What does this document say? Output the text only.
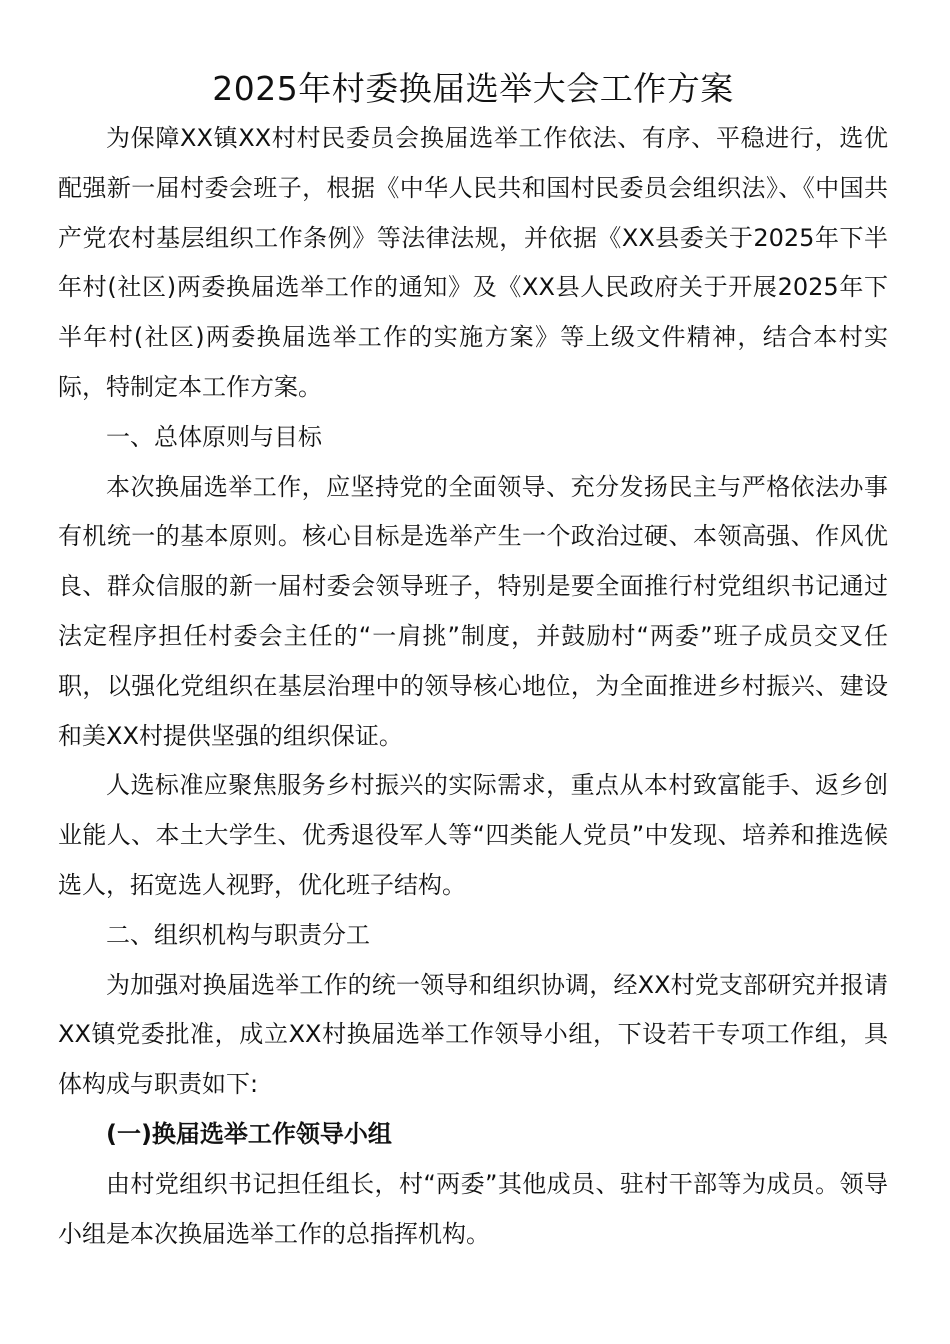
2025年村委换届选举大会工作方案

为保障XX镇XX村村民委员会换届选举工作依法、有序、平稳进行，选优配强新一届村委会班子，根据《中华人民共和国村民委员会组织法》、《中国共产党农村基层组织工作条例》等法律法规，并依据《XX县委关于2025年下半年村(社区)两委换届选举工作的通知》及《XX县人民政府关于开展2025年下半年村(社区)两委换届选举工作的实施方案》等上级文件精神，结合本村实际，特制定本工作方案。

一、总体原则与目标

本次换届选举工作，应坚持党的全面领导、充分发扬民主与严格依法办事有机统一的基本原则。核心目标是选举产生一个政治过硬、本领高强、作风优良、群众信服的新一届村委会领导班子，特别是要全面推行村党组织书记通过法定程序担任村委会主任的“一肩挑”制度，并鼓励村“两委”班子成员交叉任职，以强化党组织在基层治理中的领导核心地位，为全面推进乡村振兴、建设和美XX村提供坚强的组织保证。

人选标准应聚焦服务乡村振兴的实际需求，重点从本村致富能手、返乡创业能人、本土大学生、优秀退役军人等“四类能人党员”中发现、培养和推选候选人，拓宽选人视野，优化班子结构。

二、组织机构与职责分工

为加强对换届选举工作的统一领导和组织协调，经XX村党支部研究并报请XX镇党委批准，成立XX村换届选举工作领导小组，下设若干专项工作组，具体构成与职责如下:

(一)换届选举工作领导小组

由村党组织书记担任组长，村“两委”其他成员、驻村干部等为成员。领导小组是本次换届选举工作的总指挥机构。
